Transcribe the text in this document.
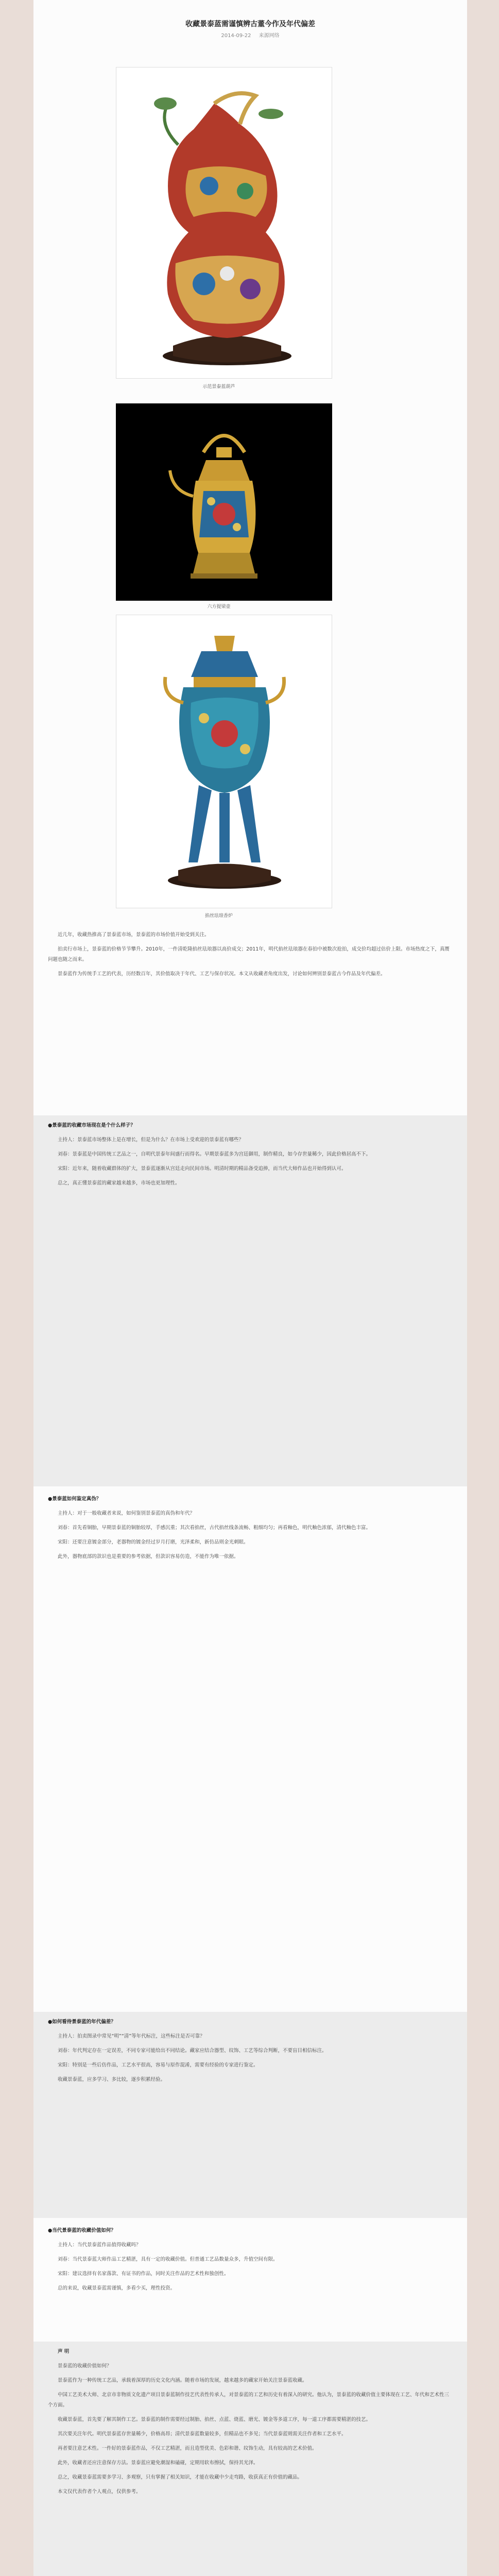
收藏景泰蓝需谨慎辨古董今作及年代偏差
2014-09-22 来源网络
示范景泰蓝葫芦
六方提梁壶
掐丝珐琅香炉

近几年，收藏热推高了景泰蓝市场，景泰蓝的市场价值开始受到关注。

拍卖行市场上，景泰蓝的价格节节攀升。2010年，一件清乾隆掐丝珐琅器以高价成交；2011年，明代掐丝珐琅器在春拍中被数次抢拍，成交价均超过估价上限。市场热度之下，真赝问题也随之而来。

景泰蓝作为传统手工艺的代表，历经数百年，其价值取决于年代、工艺与保存状况。本文从收藏者角度出发，讨论如何辨别景泰蓝古今作品及年代偏差。

●景泰蓝的收藏市场现在是个什么样子？

主持人：景泰蓝市场整体上是在增长，但是为什么？在市场上受欢迎的景泰蓝有哪些？

刘春：景泰蓝是中国传统工艺品之一，自明代景泰年间盛行而得名。早期景泰蓝多为宫廷御用，制作精良，如今存世量稀少，因此价格居高不下。

宋阳：近年来，随着收藏群体的扩大，景泰蓝逐渐从宫廷走向民间市场。明清时期的精品备受追捧，而当代大师作品也开始得到认可。

总之，真正懂景泰蓝的藏家越来越多，市场也更加理性。

●景泰蓝如何鉴定真伪？

主持人：对于一般收藏者来说，如何鉴别景泰蓝的真伪和年代？

刘春：首先看铜胎，早期景泰蓝的铜胎较厚，手感沉重；其次看掐丝，古代掐丝线条流畅、粗细均匀；再看釉色，明代釉色浓郁，清代釉色丰富。

宋阳：还要注意镀金部分，老器物的镀金经过岁月打磨，光泽柔和，新仿品则金光刺眼。

此外，器物底部的款识也是重要的参考依据，但款识容易仿造，不能作为唯一依据。

●如何看待景泰蓝的年代偏差？

主持人：拍卖图录中常见“明”“清”等年代标注，这些标注是否可靠？

刘春：年代判定存在一定误差，不同专家可能给出不同结论。藏家应结合器型、纹饰、工艺等综合判断，不要盲目相信标注。

宋阳：特别是一些后仿作品，工艺水平很高，容易与原作混淆，需要有经验的专家进行鉴定。

收藏景泰蓝，应多学习、多比较，逐步积累经验。

●当代景泰蓝的收藏价值如何？

主持人：当代景泰蓝作品值得收藏吗？

刘春：当代景泰蓝大师作品工艺精湛，具有一定的收藏价值。但普通工艺品数量众多，升值空间有限。

宋阳：建议选择有名家落款、有证书的作品，同时关注作品的艺术性和独创性。

总的来说，收藏景泰蓝需谨慎，多看少买，理性投资。

声 明

景泰蓝的收藏价值如何？

景泰蓝作为一种传统工艺品，承载着深厚的历史文化内涵。随着市场的发展，越来越多的藏家开始关注景泰蓝收藏。

中国工艺美术大师、北京市非物质文化遗产项目景泰蓝制作技艺代表性传承人，对景泰蓝的工艺和历史有着深入的研究。他认为，景泰蓝的收藏价值主要体现在工艺、年代和艺术性三个方面。

收藏景泰蓝，首先要了解其制作工艺。景泰蓝的制作需要经过制胎、掐丝、点蓝、烧蓝、磨光、镀金等多道工序，每一道工序都需要精湛的技艺。

其次要关注年代。明代景泰蓝存世量稀少，价格高昂；清代景泰蓝数量较多，但精品也不多见；当代景泰蓝则需关注作者和工艺水平。

再者要注意艺术性。一件好的景泰蓝作品，不仅工艺精湛，而且造型优美、色彩和谐、纹饰生动，具有较高的艺术价值。

此外，收藏者还应注意保存方法。景泰蓝应避免潮湿和磕碰，定期用软布擦拭，保持其光泽。

总之，收藏景泰蓝需要多学习、多观察，只有掌握了相关知识，才能在收藏中少走弯路，收获真正有价值的藏品。

本文仅代表作者个人观点，仅供参考。
